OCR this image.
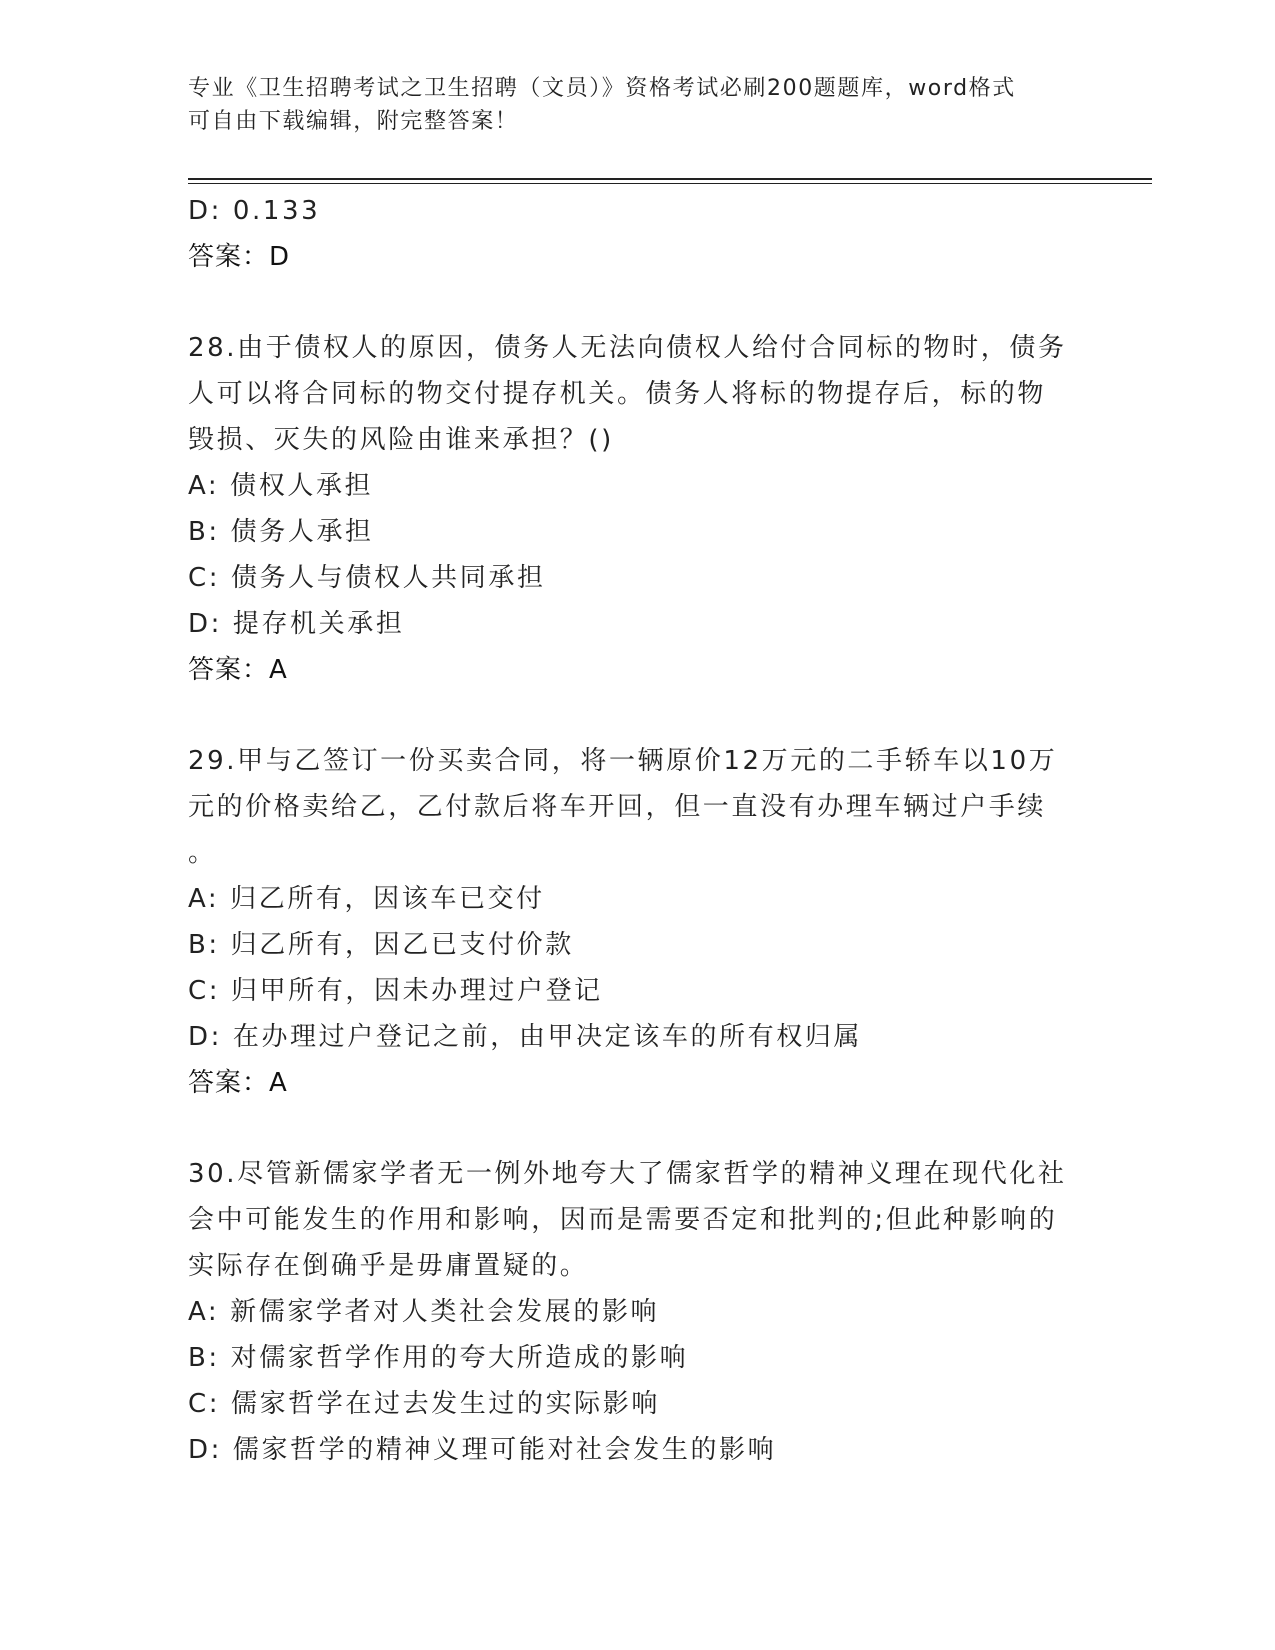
专业《卫生招聘考试之卫生招聘（文员）》资格考试必刷200题题库，word格式
可自由下载编辑，附完整答案！
D: 0.133
答案：D
28.由于债权人的原因，债务人无法向债权人给付合同标的物时，债务
人可以将合同标的物交付提存机关。债务人将标的物提存后，标的物
毁损、灭失的风险由谁来承担？()
A: 债权人承担
B: 债务人承担
C: 债务人与债权人共同承担
D: 提存机关承担
答案：A
29.甲与乙签订一份买卖合同，将一辆原价12万元的二手轿车以10万
元的价格卖给乙，乙付款后将车开回，但一直没有办理车辆过户手续
。
A: 归乙所有，因该车已交付
B: 归乙所有，因乙已支付价款
C: 归甲所有，因未办理过户登记
D: 在办理过户登记之前，由甲决定该车的所有权归属
答案：A
30.尽管新儒家学者无一例外地夸大了儒家哲学的精神义理在现代化社
会中可能发生的作用和影响，因而是需要否定和批判的;但此种影响的
实际存在倒确乎是毋庸置疑的。
A: 新儒家学者对人类社会发展的影响
B: 对儒家哲学作用的夸大所造成的影响
C: 儒家哲学在过去发生过的实际影响
D: 儒家哲学的精神义理可能对社会发生的影响
